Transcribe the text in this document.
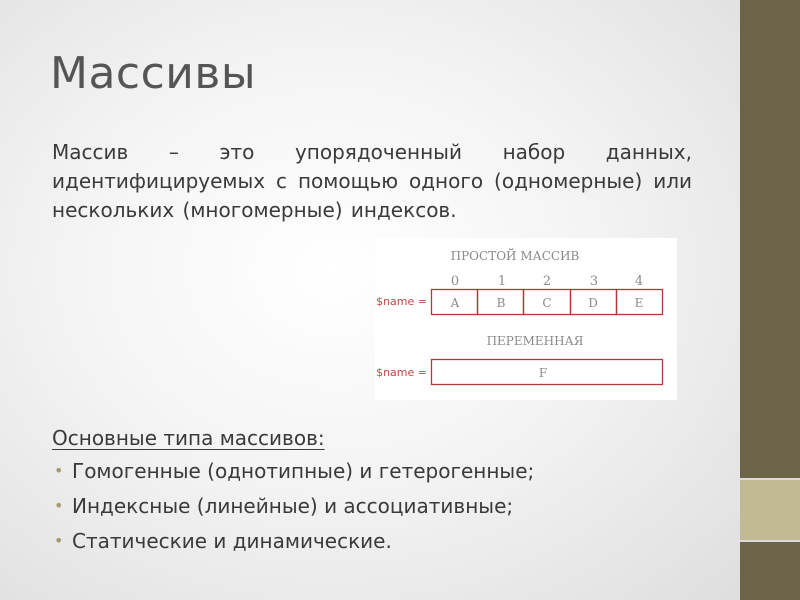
Массивы

Массив – это упорядоченный набор данных, идентифицируемых с помощью одного (одномерные) или нескольких (многомерные) индексов.

ПРОСТОЙ МАССИВ
0	1	2	3	4
$name = A	B	C	D	E
ПЕРЕМЕННАЯ
$name =	F

Основные типа массивов:

• Гомогенные (однотипные) и гетерогенные;
• Индексные (линейные) и ассоциативные;
• Статические и динамические.
